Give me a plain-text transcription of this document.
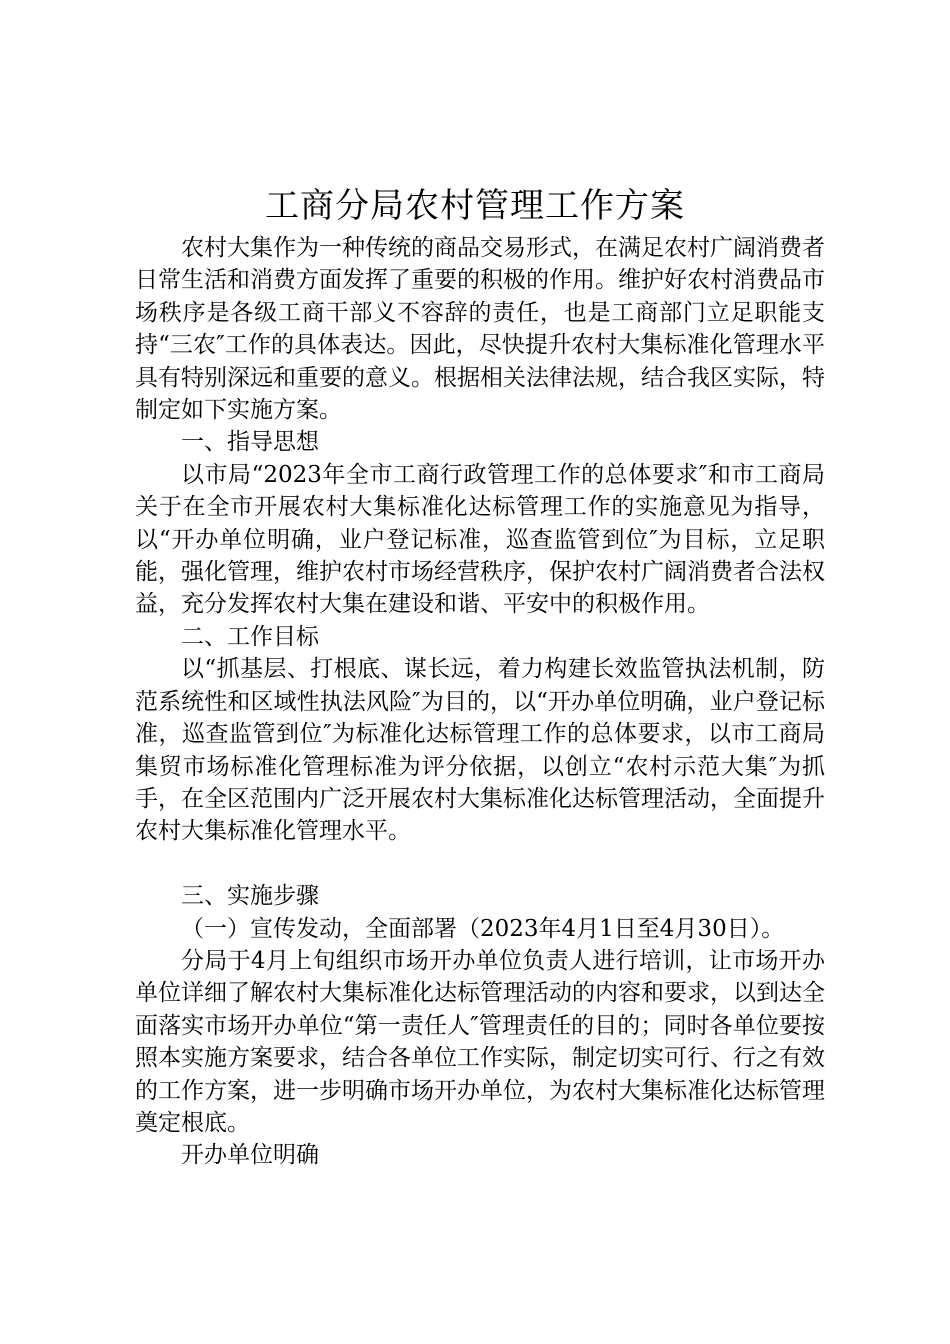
工商分局农村管理工作方案

农村大集作为一种传统的商品交易形式，在满足农村广阔消费者日常生活和消费方面发挥了重要的积极的作用。维护好农村消费品市场秩序是各级工商干部义不容辞的责任，也是工商部门立足职能支持“三农″工作的具体表达。因此，尽快提升农村大集标准化管理水平具有特别深远和重要的意义。根据相关法律法规，结合我区实际，特制定如下实施方案。

一、指导思想

以市局“2023年全市工商行政管理工作的总体要求″和市工商局关于在全市开展农村大集标准化达标管理工作的实施意见为指导，以“开办单位明确，业户登记标准，巡查监管到位″为目标，立足职能，强化管理，维护农村市场经营秩序，保护农村广阔消费者合法权益，充分发挥农村大集在建设和谐、平安中的积极作用。

二、工作目标

以“抓基层、打根底、谋长远，着力构建长效监管执法机制，防范系统性和区域性执法风险″为目的，以“开办单位明确，业户登记标准，巡查监管到位″为标准化达标管理工作的总体要求，以市工商局集贸市场标准化管理标准为评分依据，以创立“农村示范大集″为抓手，在全区范围内广泛开展农村大集标准化达标管理活动，全面提升农村大集标准化管理水平。

三、实施步骤

（一）宣传发动，全面部署（2023年4月1日至4月30日）。

分局于4月上旬组织市场开办单位负责人进行培训，让市场开办单位详细了解农村大集标准化达标管理活动的内容和要求，以到达全面落实市场开办单位“第一责任人″管理责任的目的；同时各单位要按照本实施方案要求，结合各单位工作实际，制定切实可行、行之有效的工作方案，进一步明确市场开办单位，为农村大集标准化达标管理奠定根底。

开办单位明确
